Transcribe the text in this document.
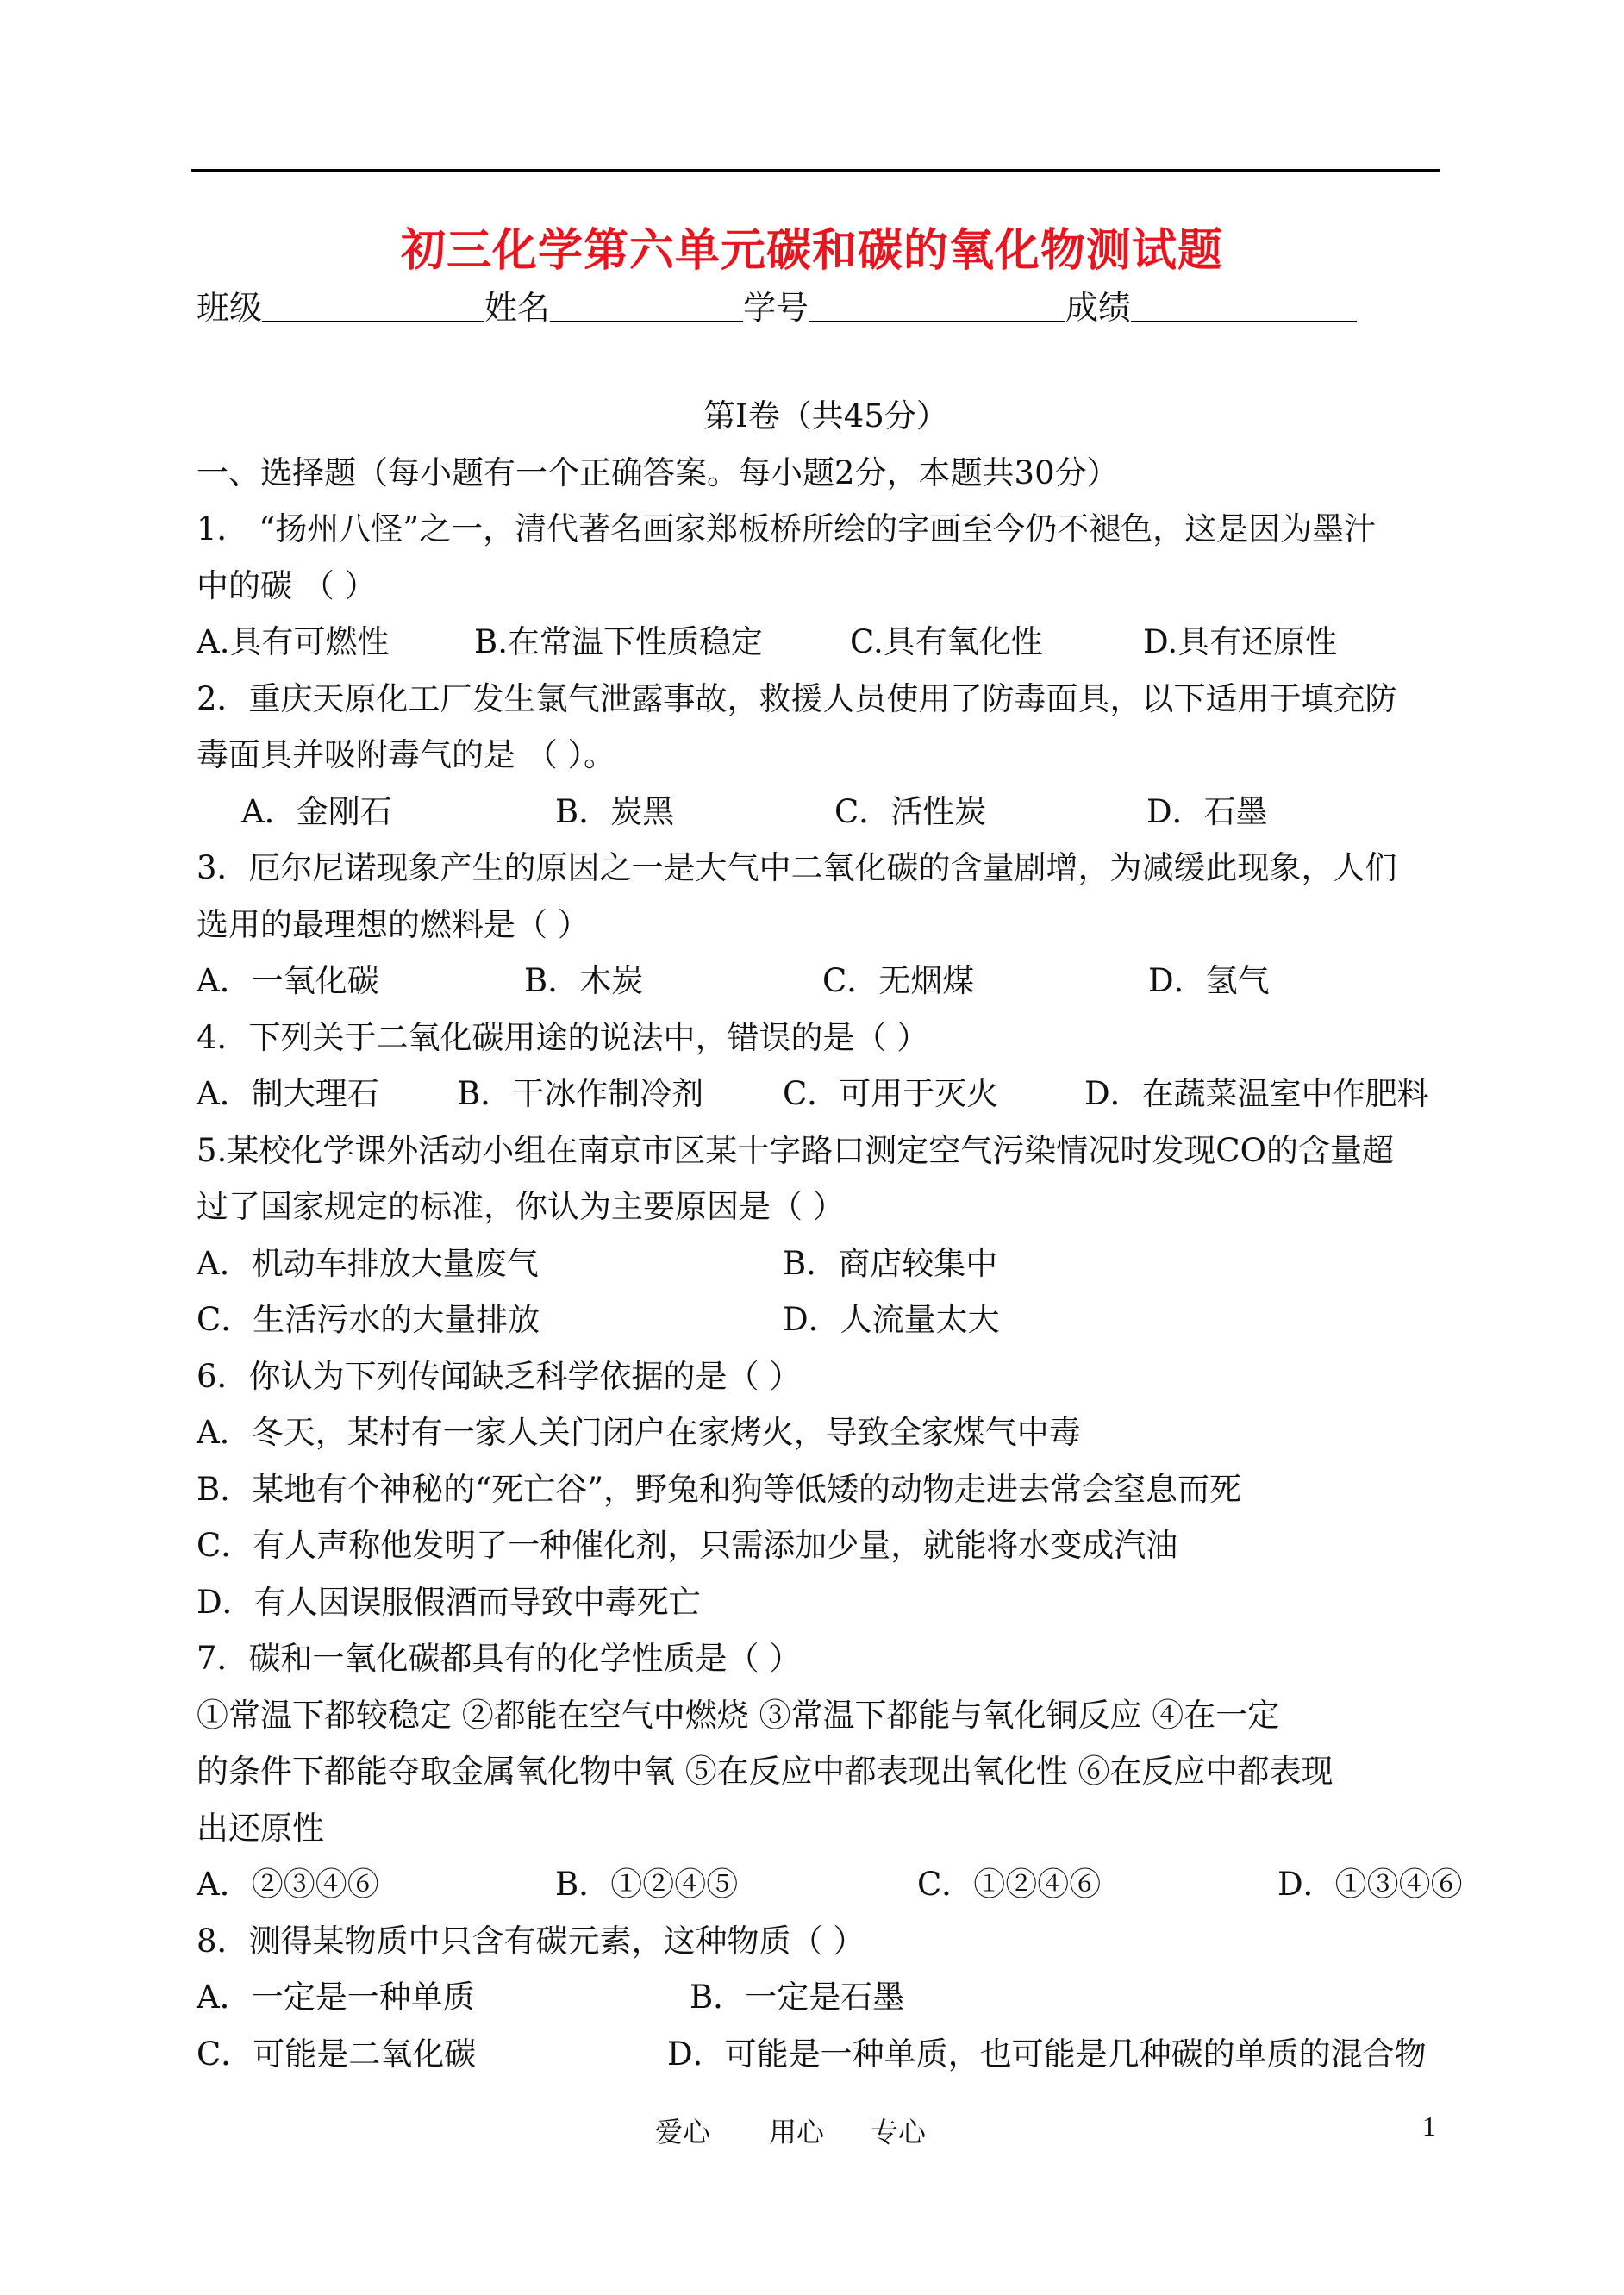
初三化学第六单元碳和碳的氧化物测试题
班级	姓名	学号	成绩
第Ⅰ卷（共45分）
一、选择题（每小题有一个正确答案。每小题2分，本题共30分）
1． “扬州八怪”之一，清代著名画家郑板桥所绘的字画至今仍不褪色，这是因为墨汁
中的碳 （ ）
A.具有可燃性	B.在常温下性质稳定	C.具有氧化性	D.具有还原性
2．重庆天原化工厂发生氯气泄露事故，救援人员使用了防毒面具，以下适用于填充防
毒面具并吸附毒气的是 （ ）。
A．金刚石	B．炭黑	C．活性炭	D．石墨
3．厄尔尼诺现象产生的原因之一是大气中二氧化碳的含量剧增，为减缓此现象，人们
选用的最理想的燃料是（ ）
A．一氧化碳	B．木炭	C．无烟煤	D．氢气
4．下列关于二氧化碳用途的说法中，错误的是（ ）
A．制大理石 B．干冰作制冷剂 C．可用于灭火	D．在蔬菜温室中作肥料
5.某校化学课外活动小组在南京市区某十字路口测定空气污染情况时发现CO的含量超
过了国家规定的标准，你认为主要原因是（ ）
A．机动车排放大量废气	B．商店较集中
C．生活污水的大量排放	D．人流量太大
6．你认为下列传闻缺乏科学依据的是（ ）
A．冬天，某村有一家人关门闭户在家烤火，导致全家煤气中毒
B．某地有个神秘的“死亡谷”，野兔和狗等低矮的动物走进去常会窒息而死
C．有人声称他发明了一种催化剂，只需添加少量，就能将水变成汽油
D．有人因误服假酒而导致中毒死亡
7．碳和一氧化碳都具有的化学性质是（ ）
①常温下都较稳定 ②都能在空气中燃烧 ③常温下都能与氧化铜反应 ④在一定
的条件下都能夺取金属氧化物中氧 ⑤在反应中都表现出氧化性 ⑥在反应中都表现
出还原性
A．②③④⑥	B．①②④⑤	C．①②④⑥	D．①③④⑥
8．测得某物质中只含有碳元素，这种物质（ ）
A．一定是一种单质	B．一定是石墨
C．可能是二氧化碳	D．可能是一种单质，也可能是几种碳的单质的混合物
爱心 用心 专心	1
